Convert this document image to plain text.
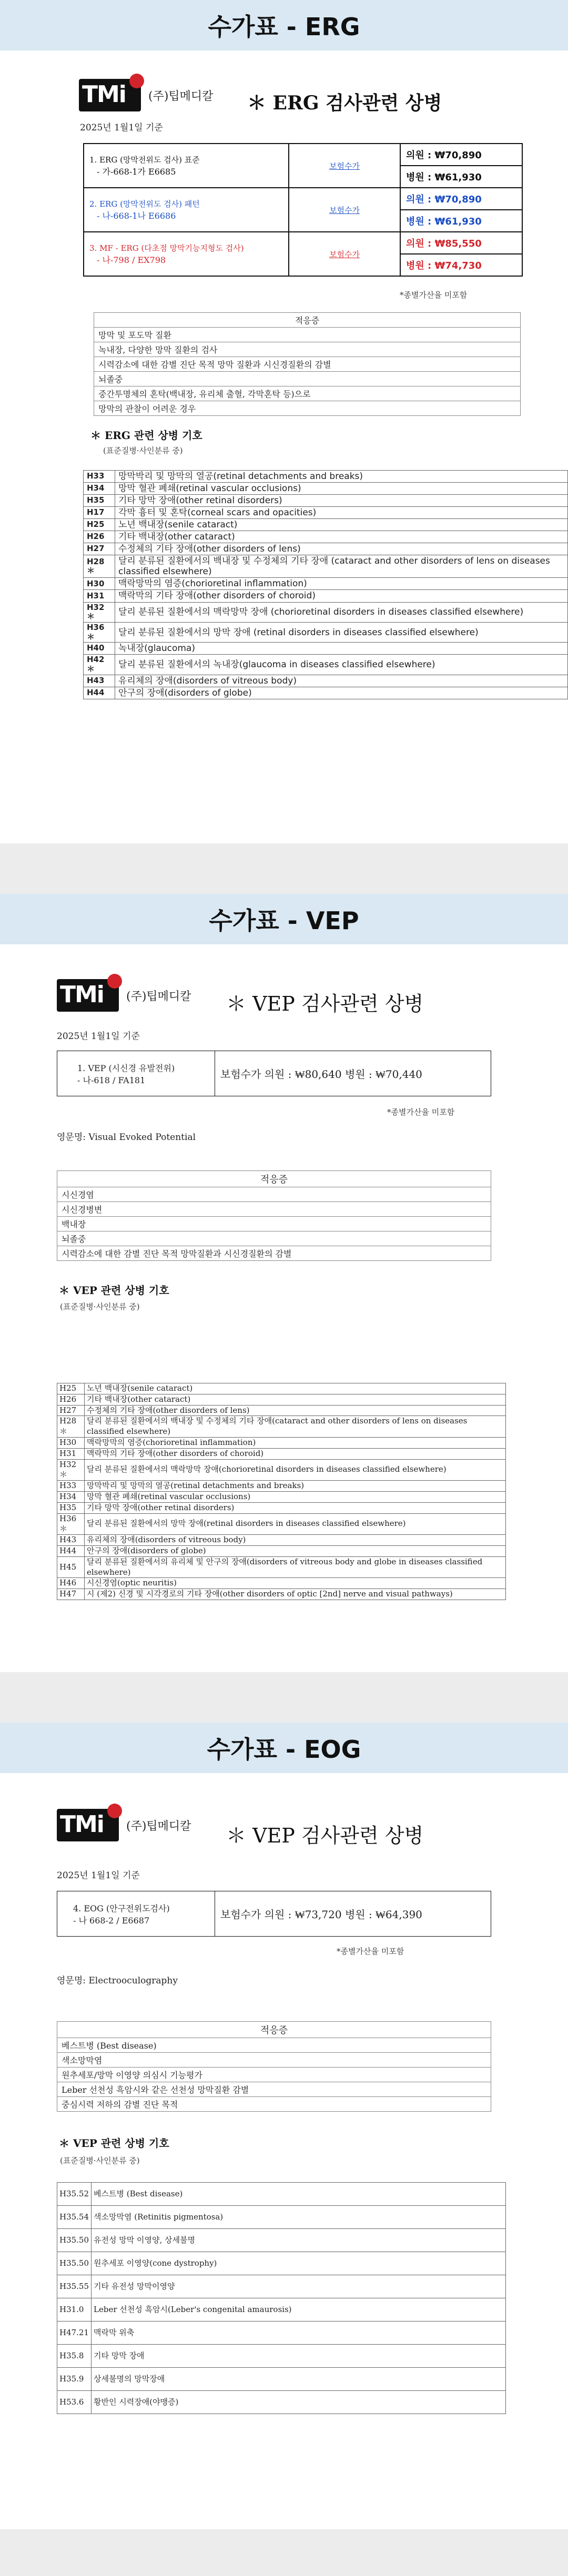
수가표 - ERG
TMi (주)팁메디칼 ＊ ERG 검사관련 상병
2025년 1월1일 기준
1. ERG (망막전위도 검사) 표준
- 가-668-1가 E6685	보험수가	의원 : ₩70,890
		병원 : ₩61,930

2. ERG (망막전위도 검사) 패턴
- 나-668-1나 E6686	보험수가	의원 : ₩70,890
		병원 : ₩61,930

3. MF - ERG (다초점 망막기능지형도 검사)
- 나-798 / EX798	보험수가	의원 : ₩85,550
		병원 : ₩74,730
*종별가산율 미포함
적응증
망막 및 포도막 질환
녹내장, 다양한 망막 질환의 검사
시력감소에 대한 감별 진단 목적 망막 질환과 시신경질환의 감별
뇌졸중
중간투명체의 혼탁(백내장, 유리체 출혈, 각막혼탁 등)으로
망막의 관찰이 어려운 경우
＊ ERG 관련 상병 기호
(표준질병·사인분류 중)
H33	망막박리 및 망막의 열공(retinal detachments and breaks)
H34	망막 혈관 폐쇄(retinal vascular occlusions)
H35	기타 망막 장애(other retinal disorders)
H17	각막 흉터 및 혼탁(corneal scars and opacities)
H25	노년 백내장(senile cataract)
H26	기타 백내장(other cataract)
H27	수정체의 기타 장애(other disorders of lens)
H28＊	달리 분류된 질환에서의 백내장 및 수정체의 기타 장애 (cataract and other disorders of lens on diseases classified elsewhere)
H30	맥락망막의 염증(chorioretinal inflammation)
H31	맥락막의 기타 장애(other disorders of choroid)
H32＊	달리 분류된 질환에서의 맥락망막 장애 (chorioretinal disorders in diseases classified elsewhere)
H36＊	달리 분류된 질환에서의 망막 장애 (retinal disorders in diseases classified elsewhere)
H40	녹내장(glaucoma)
H42＊	달리 분류된 질환에서의 녹내장(glaucoma in diseases classified elsewhere)
H43	유리체의 장애(disorders of vitreous body)
H44	안구의 장애(disorders of globe)
수가표 - VEP
TMi (주)팁메디칼 ＊ VEP 검사관련 상병
2025년 1월1일 기준
1. VEP (시신경 유발전위)
- 나-618 / FA181	보험수가 의원 : ₩80,640 병원 : ₩70,440
*종별가산율 미포함
영문명: Visual Evoked Potential
적응증
시신경염
시신경병변
백내장
뇌졸중
시력감소에 대한 감별 진단 목적 망막질환과 시신경질환의 감별
＊ VEP 관련 상병 기호
(표준질병·사인분류 중)
H25	노년 백내장(senile cataract)
H26	기타 백내장(other cataract)
H27	수정체의 기타 장애(other disorders of lens)
H28＊	달리 분류된 질환에서의 백내장 및 수정체의 기타 장애(cataract and other disorders of lens on diseases classified elsewhere)
H30	맥락망막의 염증(chorioretinal inflammation)
H31	맥락막의 기타 장애(other disorders of choroid)
H32＊	달리 분류된 질환에서의 맥락망막 장애(chorioretinal disorders in diseases classified elsewhere)
H33	망막박리 및 망막의 열공(retinal detachments and breaks)
H34	망막 혈관 폐쇄(retinal vascular occlusions)
H35	기타 망막 장애(other retinal disorders)
H36＊	달리 분류된 질환에서의 망막 장애(retinal disorders in diseases classified elsewhere)
H43	유리체의 장애(disorders of vitreous body)
H44	안구의 장애(disorders of globe)
H45	달리 분류된 질환에서의 유리체 및 안구의 장애(disorders of vitreous body and globe in diseases classified elsewhere)
H46	시신경염(optic neuritis)
H47	시 (제2) 신경 및 시각경로의 기타 장애(other disorders of optic [2nd] nerve and visual pathways)
수가표 - EOG
TMi (주)팁메디칼 ＊ VEP 검사관련 상병
2025년 1월1일 기준
4. EOG (안구전위도검사)
- 나 668-2 / E6687	보험수가 의원 : ₩73,720 병원 : ₩64,390
*종별가산율 미포함
영문명: Electrooculography
적응증
베스트병 (Best disease)
색소망막염
원추세포/망막 이영양 의심시 기능평가
Leber 선천성 흑암시와 같은 선천성 망막질환 감별
중심시력 저하의 감별 진단 목적
＊ VEP 관련 상병 기호
(표준질병·사인분류 중)
H35.52	베스트병 (Best disease)
H35.54	색소망막염 (Retinitis pigmentosa)
H35.50	유전성 망막 이영양, 상세불명
H35.50	원추세포 이영양(cone dystrophy)
H35.55	기타 유전성 망막이영양
H31.0	Leber 선천성 흑암시(Leber's congenital amaurosis)
H47.21	맥락막 위축
H35.8	기타 망막 장애
H35.9	상세불명의 망막장애
H53.6	황반인 시력장애(야맹증)
